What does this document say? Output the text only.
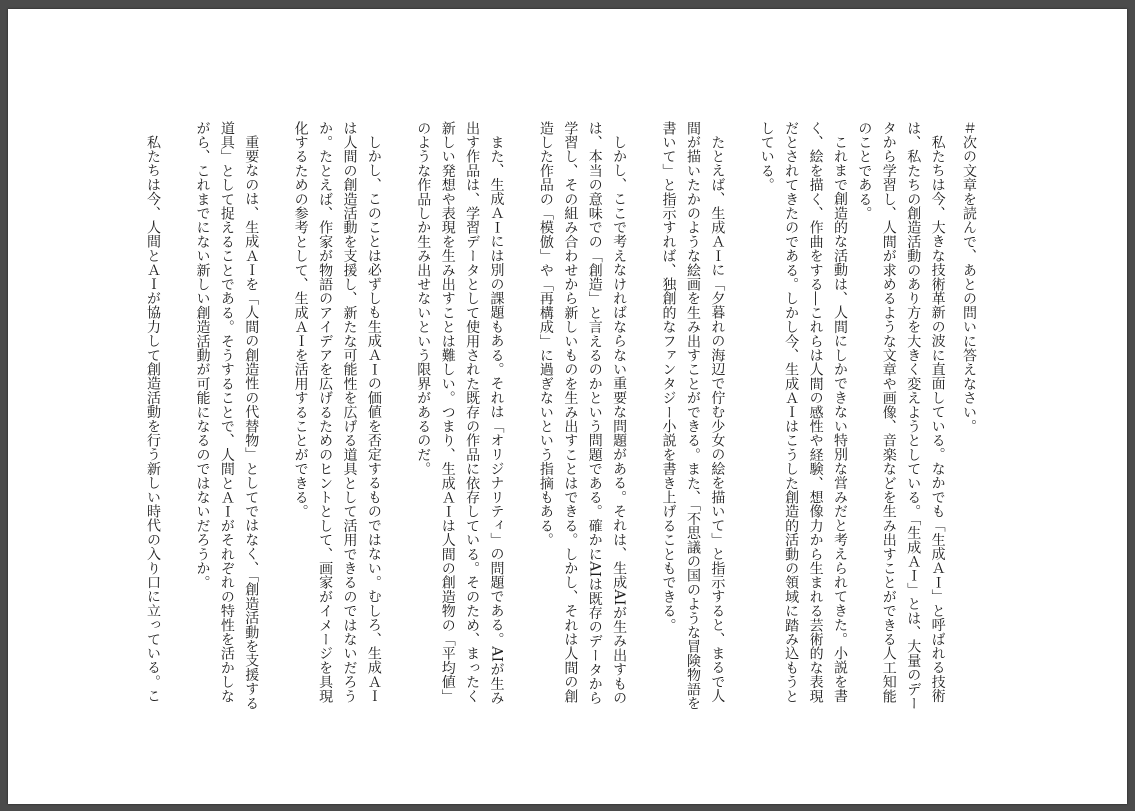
＃次の文章を読んで、あとの問いに答えなさい。

私たちは今、大きな技術革新の波に直面している。なかでも「生成ＡＩ」と呼ばれる技術は、私たちの創造活動のあり方を大きく変えようとしている。「生成ＡＩ」とは、大量のデータから学習し、人間が求めるような文章や画像、音楽などを生み出すことができる人工知能のことである。

これまで創造的な活動は、人間にしかできない特別な営みだと考えられてきた。小説を書く、絵を描く、作曲をする―これらは人間の感性や経験、想像力から生まれる芸術的な表現だとされてきたのである。しかし今、生成ＡＩはこうした創造的活動の領域に踏み込もうとしている。

たとえば、生成ＡＩに「夕暮れの海辺で佇む少女の絵を描いて」と指示すると、まるで人間が描いたかのような絵画を生み出すことができる。また、「不思議の国のような冒険物語を書いて」と指示すれば、独創的なファンタジー小説を書き上げることもできる。

しかし、ここで考えなければならない重要な問題がある。それは、生成AIが生み出すものは、本当の意味での「創造」と言えるのかという問題である。確かにAIは既存のデータから学習し、その組み合わせから新しいものを生み出すことはできる。しかし、それは人間の創造した作品の「模倣」や「再構成」に過ぎないという指摘もある。

また、生成ＡＩには別の課題もある。それは「オリジナリティ」の問題である。AIが生み出す作品は、学習データとして使用された既存の作品に依存している。そのため、まったく新しい発想や表現を生み出すことは難しい。つまり、生成ＡＩは人間の創造物の「平均値」のような作品しか生み出せないという限界があるのだ。

しかし、このことは必ずしも生成ＡＩの価値を否定するものではない。むしろ、生成ＡＩは人間の創造活動を支援し、新たな可能性を広げる道具として活用できるのではないだろうか。たとえば、作家が物語のアイデアを広げるためのヒントとして、画家がイメージを具現化するための参考として、生成ＡＩを活用することができる。

重要なのは、生成ＡＩを「人間の創造性の代替物」としてではなく、「創造活動を支援する道具」として捉えることである。そうすることで、人間とＡＩがそれぞれの特性を活かしながら、これまでにない新しい創造活動が可能になるのではないだろうか。

私たちは今、人間とＡＩが協力して創造活動を行う新しい時代の入り口に立っている。こ
